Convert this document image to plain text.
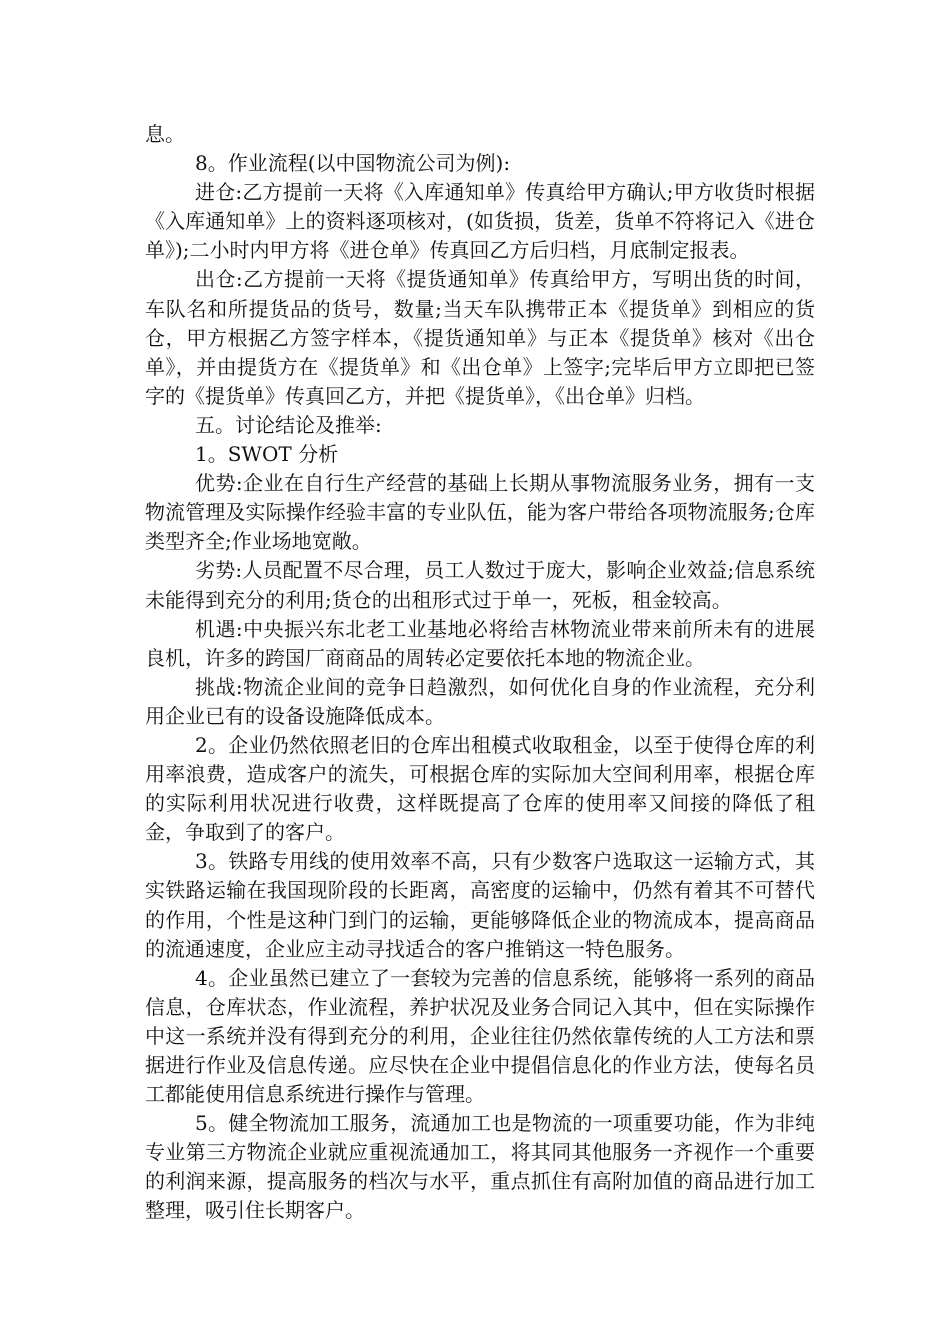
息。

8。作业流程(以中国物流公司为例):

进仓:乙方提前一天将《入库通知单》传真给甲方确认;甲方收货时根据《入库通知单》上的资料逐项核对，(如货损，货差，货单不符将记入《进仓单》);二小时内甲方将《进仓单》传真回乙方后归档，月底制定报表。

出仓:乙方提前一天将《提货通知单》传真给甲方，写明出货的时间，车队名和所提货品的货号，数量;当天车队携带正本《提货单》到相应的货仓，甲方根据乙方签字样本，《提货通知单》与正本《提货单》核对《出仓单》，并由提货方在《提货单》和《出仓单》上签字;完毕后甲方立即把已签字的《提货单》传真回乙方，并把《提货单》，《出仓单》归档。

五。讨论结论及推举:

1。SWOT 分析

优势:企业在自行生产经营的基础上长期从事物流服务业务，拥有一支物流管理及实际操作经验丰富的专业队伍，能为客户带给各项物流服务;仓库类型齐全;作业场地宽敞。

劣势:人员配置不尽合理，员工人数过于庞大，影响企业效益;信息系统未能得到充分的利用;货仓的出租形式过于单一，死板，租金较高。

机遇:中央振兴东北老工业基地必将给吉林物流业带来前所未有的进展良机，许多的跨国厂商商品的周转必定要依托本地的物流企业。

挑战:物流企业间的竞争日趋激烈，如何优化自身的作业流程，充分利用企业已有的设备设施降低成本。

2。企业仍然依照老旧的仓库出租模式收取租金，以至于使得仓库的利用率浪费，造成客户的流失，可根据仓库的实际加大空间利用率，根据仓库的实际利用状况进行收费，这样既提高了仓库的使用率又间接的降低了租金，争取到了的客户。

3。铁路专用线的使用效率不高，只有少数客户选取这一运输方式，其实铁路运输在我国现阶段的长距离，高密度的运输中，仍然有着其不可替代的作用，个性是这种门到门的运输，更能够降低企业的物流成本，提高商品的流通速度，企业应主动寻找适合的客户推销这一特色服务。

4。企业虽然已建立了一套较为完善的信息系统，能够将一系列的商品信息，仓库状态，作业流程，养护状况及业务合同记入其中，但在实际操作中这一系统并没有得到充分的利用，企业往往仍然依靠传统的人工方法和票据进行作业及信息传递。应尽快在企业中提倡信息化的作业方法，使每名员工都能使用信息系统进行操作与管理。

5。健全物流加工服务，流通加工也是物流的一项重要功能，作为非纯专业第三方物流企业就应重视流通加工，将其同其他服务一齐视作一个重要的利润来源，提高服务的档次与水平，重点抓住有高附加值的商品进行加工整理，吸引住长期客户。
